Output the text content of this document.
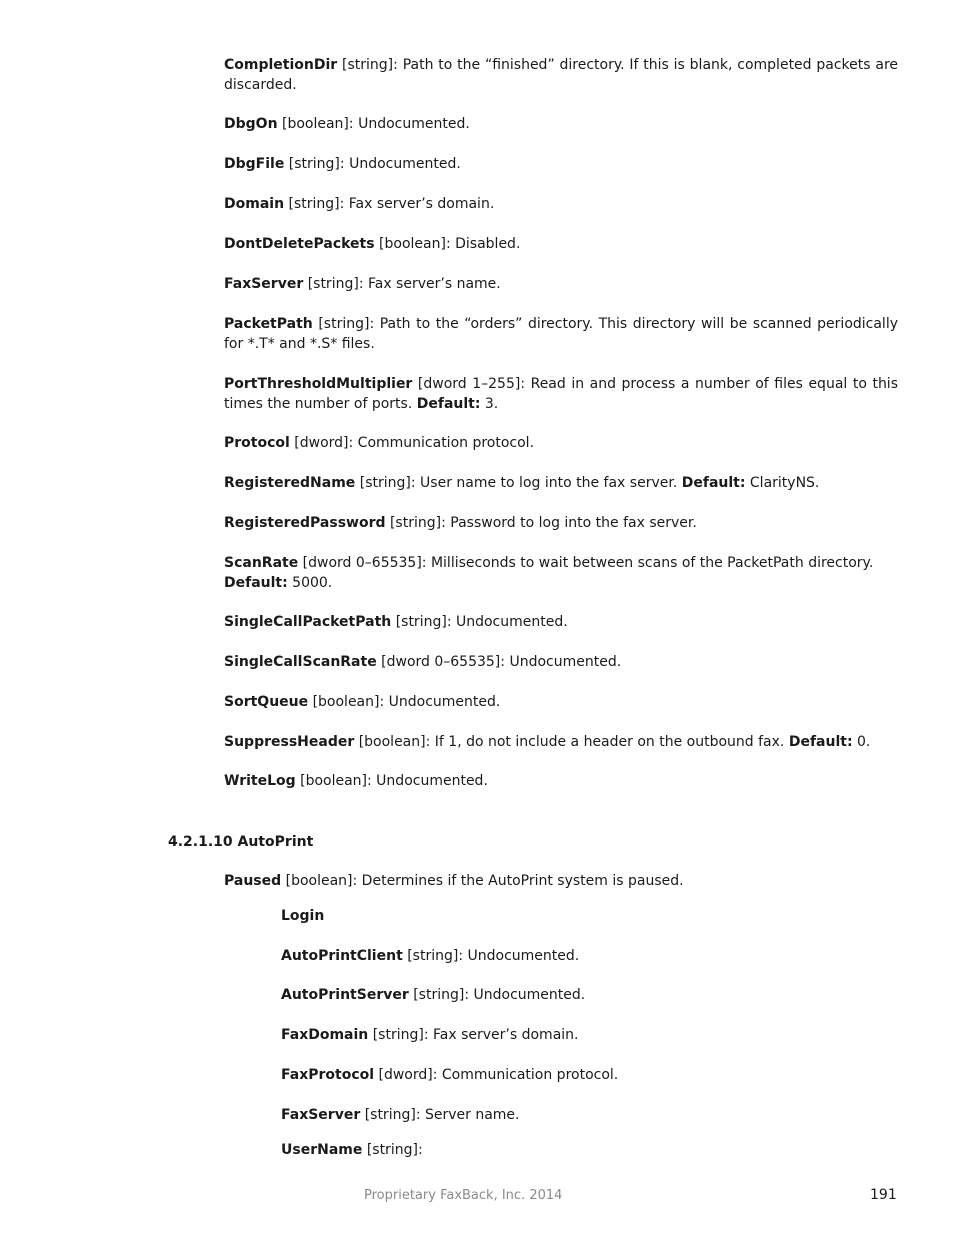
CompletionDir [string]: Path to the “finished” directory. If this is blank, completed packets are discarded.

DbgOn [boolean]: Undocumented.

DbgFile [string]: Undocumented.

Domain [string]: Fax server’s domain.

DontDeletePackets [boolean]: Disabled.

FaxServer [string]: Fax server’s name.

PacketPath [string]: Path to the “orders” directory. This directory will be scanned periodically for *.T* and *.S* files.

PortThresholdMultiplier [dword 1–255]: Read in and process a number of files equal to this times the number of ports. Default: 3.

Protocol [dword]: Communication protocol.

RegisteredName [string]: User name to log into the fax server. Default: ClarityNS.

RegisteredPassword [string]: Password to log into the fax server.

ScanRate [dword 0–65535]: Milliseconds to wait between scans of the PacketPath directory.
Default: 5000.

SingleCallPacketPath [string]: Undocumented.

SingleCallScanRate [dword 0–65535]: Undocumented.

SortQueue [boolean]: Undocumented.

SuppressHeader [boolean]: If 1, do not include a header on the outbound fax. Default: 0.

WriteLog [boolean]: Undocumented.

4.2.1.10 AutoPrint

Paused [boolean]: Determines if the AutoPrint system is paused.

Login

AutoPrintClient [string]: Undocumented.

AutoPrintServer [string]: Undocumented.

FaxDomain [string]: Fax server’s domain.

FaxProtocol [dword]: Communication protocol.

FaxServer [string]: Server name.

UserName [string]:

Proprietary FaxBack, Inc. 2014	191
